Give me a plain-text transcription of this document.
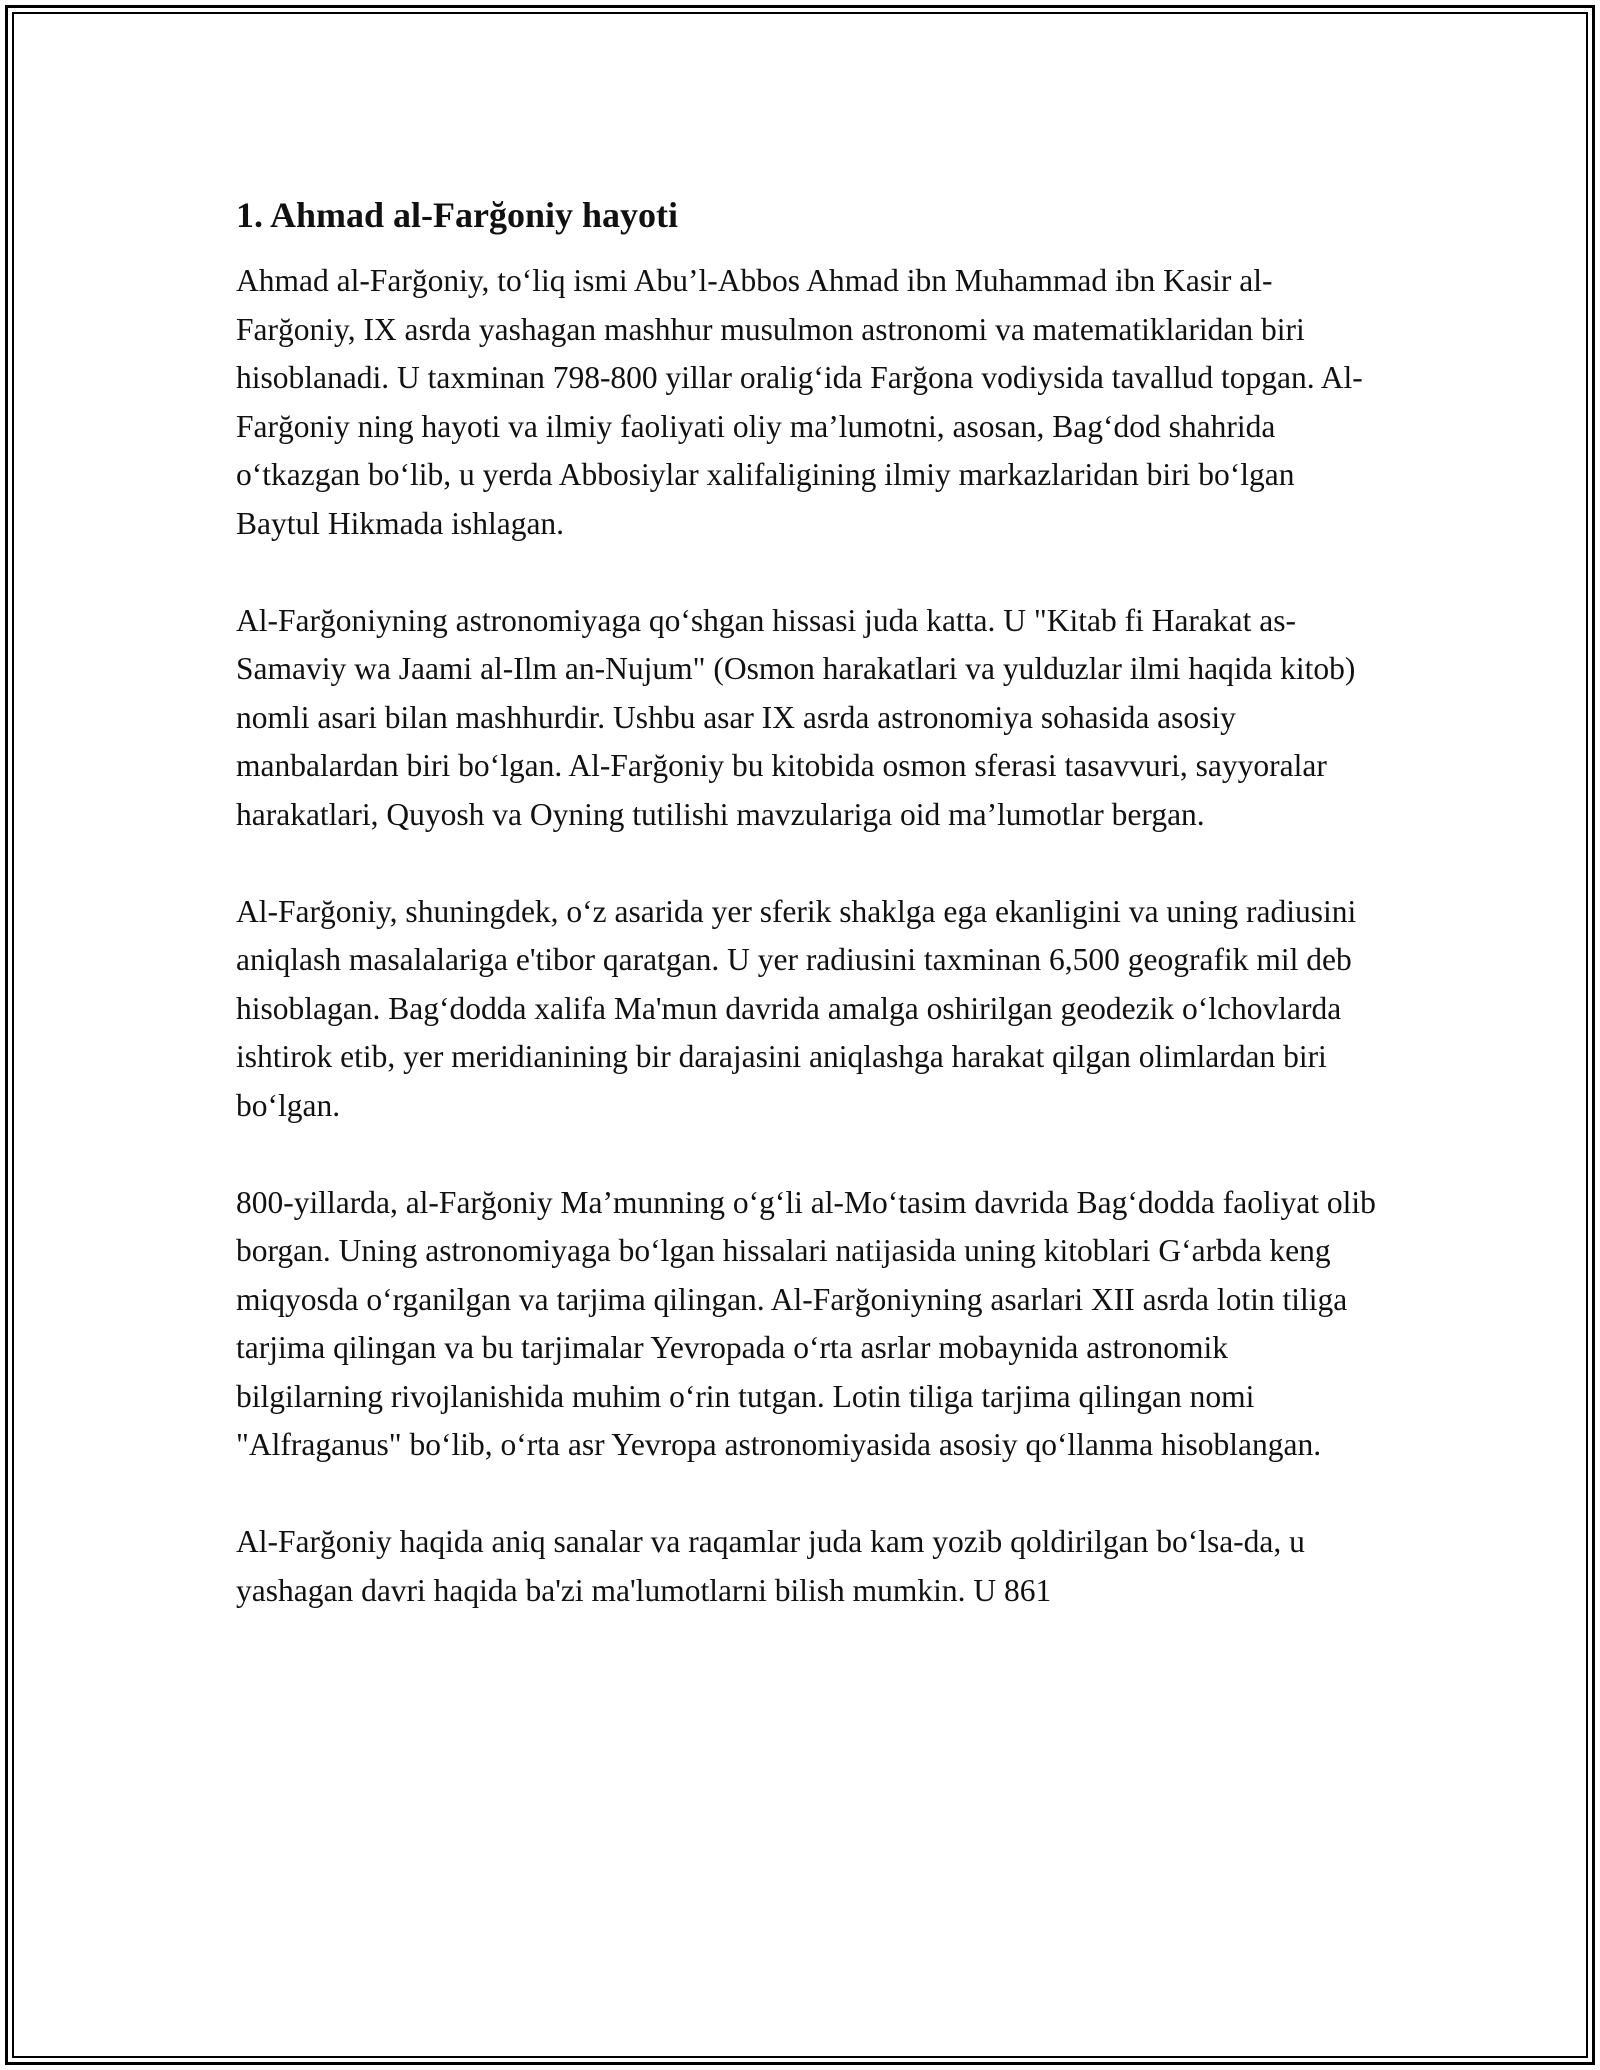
1. Ahmad al-Farğoniy hayoti

Ahmad al-Farğoniy, toʻliq ismi Abu’l-Abbos Ahmad ibn Muhammad ibn Kasir al-Farğoniy, IX asrda yashagan mashhur musulmon astronomi va matematiklaridan biri hisoblanadi. U taxminan 798-800 yillar oraligʻida Farğona vodiysida tavallud topgan. Al-Farğoniy ning hayoti va ilmiy faoliyati oliy ma’lumotni, asosan, Bagʻdod shahrida oʻtkazgan boʻlib, u yerda Abbosiylar xalifaligining ilmiy markazlaridan biri boʻlgan Baytul Hikmada ishlagan.

Al-Farğoniyning astronomiyaga qoʻshgan hissasi juda katta. U "Kitab fi Harakat as-Samaviy wa Jaami al-Ilm an-Nujum" (Osmon harakatlari va yulduzlar ilmi haqida kitob) nomli asari bilan mashhurdir. Ushbu asar IX asrda astronomiya sohasida asosiy manbalardan biri boʻlgan. Al-Farğoniy bu kitobida osmon sferasi tasavvuri, sayyoralar harakatlari, Quyosh va Oyning tutilishi mavzulariga oid ma’lumotlar bergan.

Al-Farğoniy, shuningdek, oʻz asarida yer sferik shaklga ega ekanligini va uning radiusini aniqlash masalalariga e'tibor qaratgan. U yer radiusini taxminan 6,500 geografik mil deb hisoblagan. Bagʻdodda xalifa Ma'mun davrida amalga oshirilgan geodezik oʻlchovlarda ishtirok etib, yer meridianining bir darajasini aniqlashga harakat qilgan olimlardan biri boʻlgan.

800-yillarda, al-Farğoniy Ma’munning oʻgʻli al-Moʻtasim davrida Bagʻdodda faoliyat olib borgan. Uning astronomiyaga boʻlgan hissalari natijasida uning kitoblari Gʻarbda keng miqyosda oʻrganilgan va tarjima qilingan. Al-Farğoniyning asarlari XII asrda lotin tiliga tarjima qilingan va bu tarjimalar Yevropada oʻrta asrlar mobaynida astronomik bilgilarning rivojlanishida muhim oʻrin tutgan. Lotin tiliga tarjima qilingan nomi "Alfraganus" boʻlib, oʻrta asr Yevropa astronomiyasida asosiy qoʻllanma hisoblangan.

Al-Farğoniy haqida aniq sanalar va raqamlar juda kam yozib qoldirilgan boʻlsa-da, u yashagan davri haqida ba'zi ma'lumotlarni bilish mumkin. U 861
